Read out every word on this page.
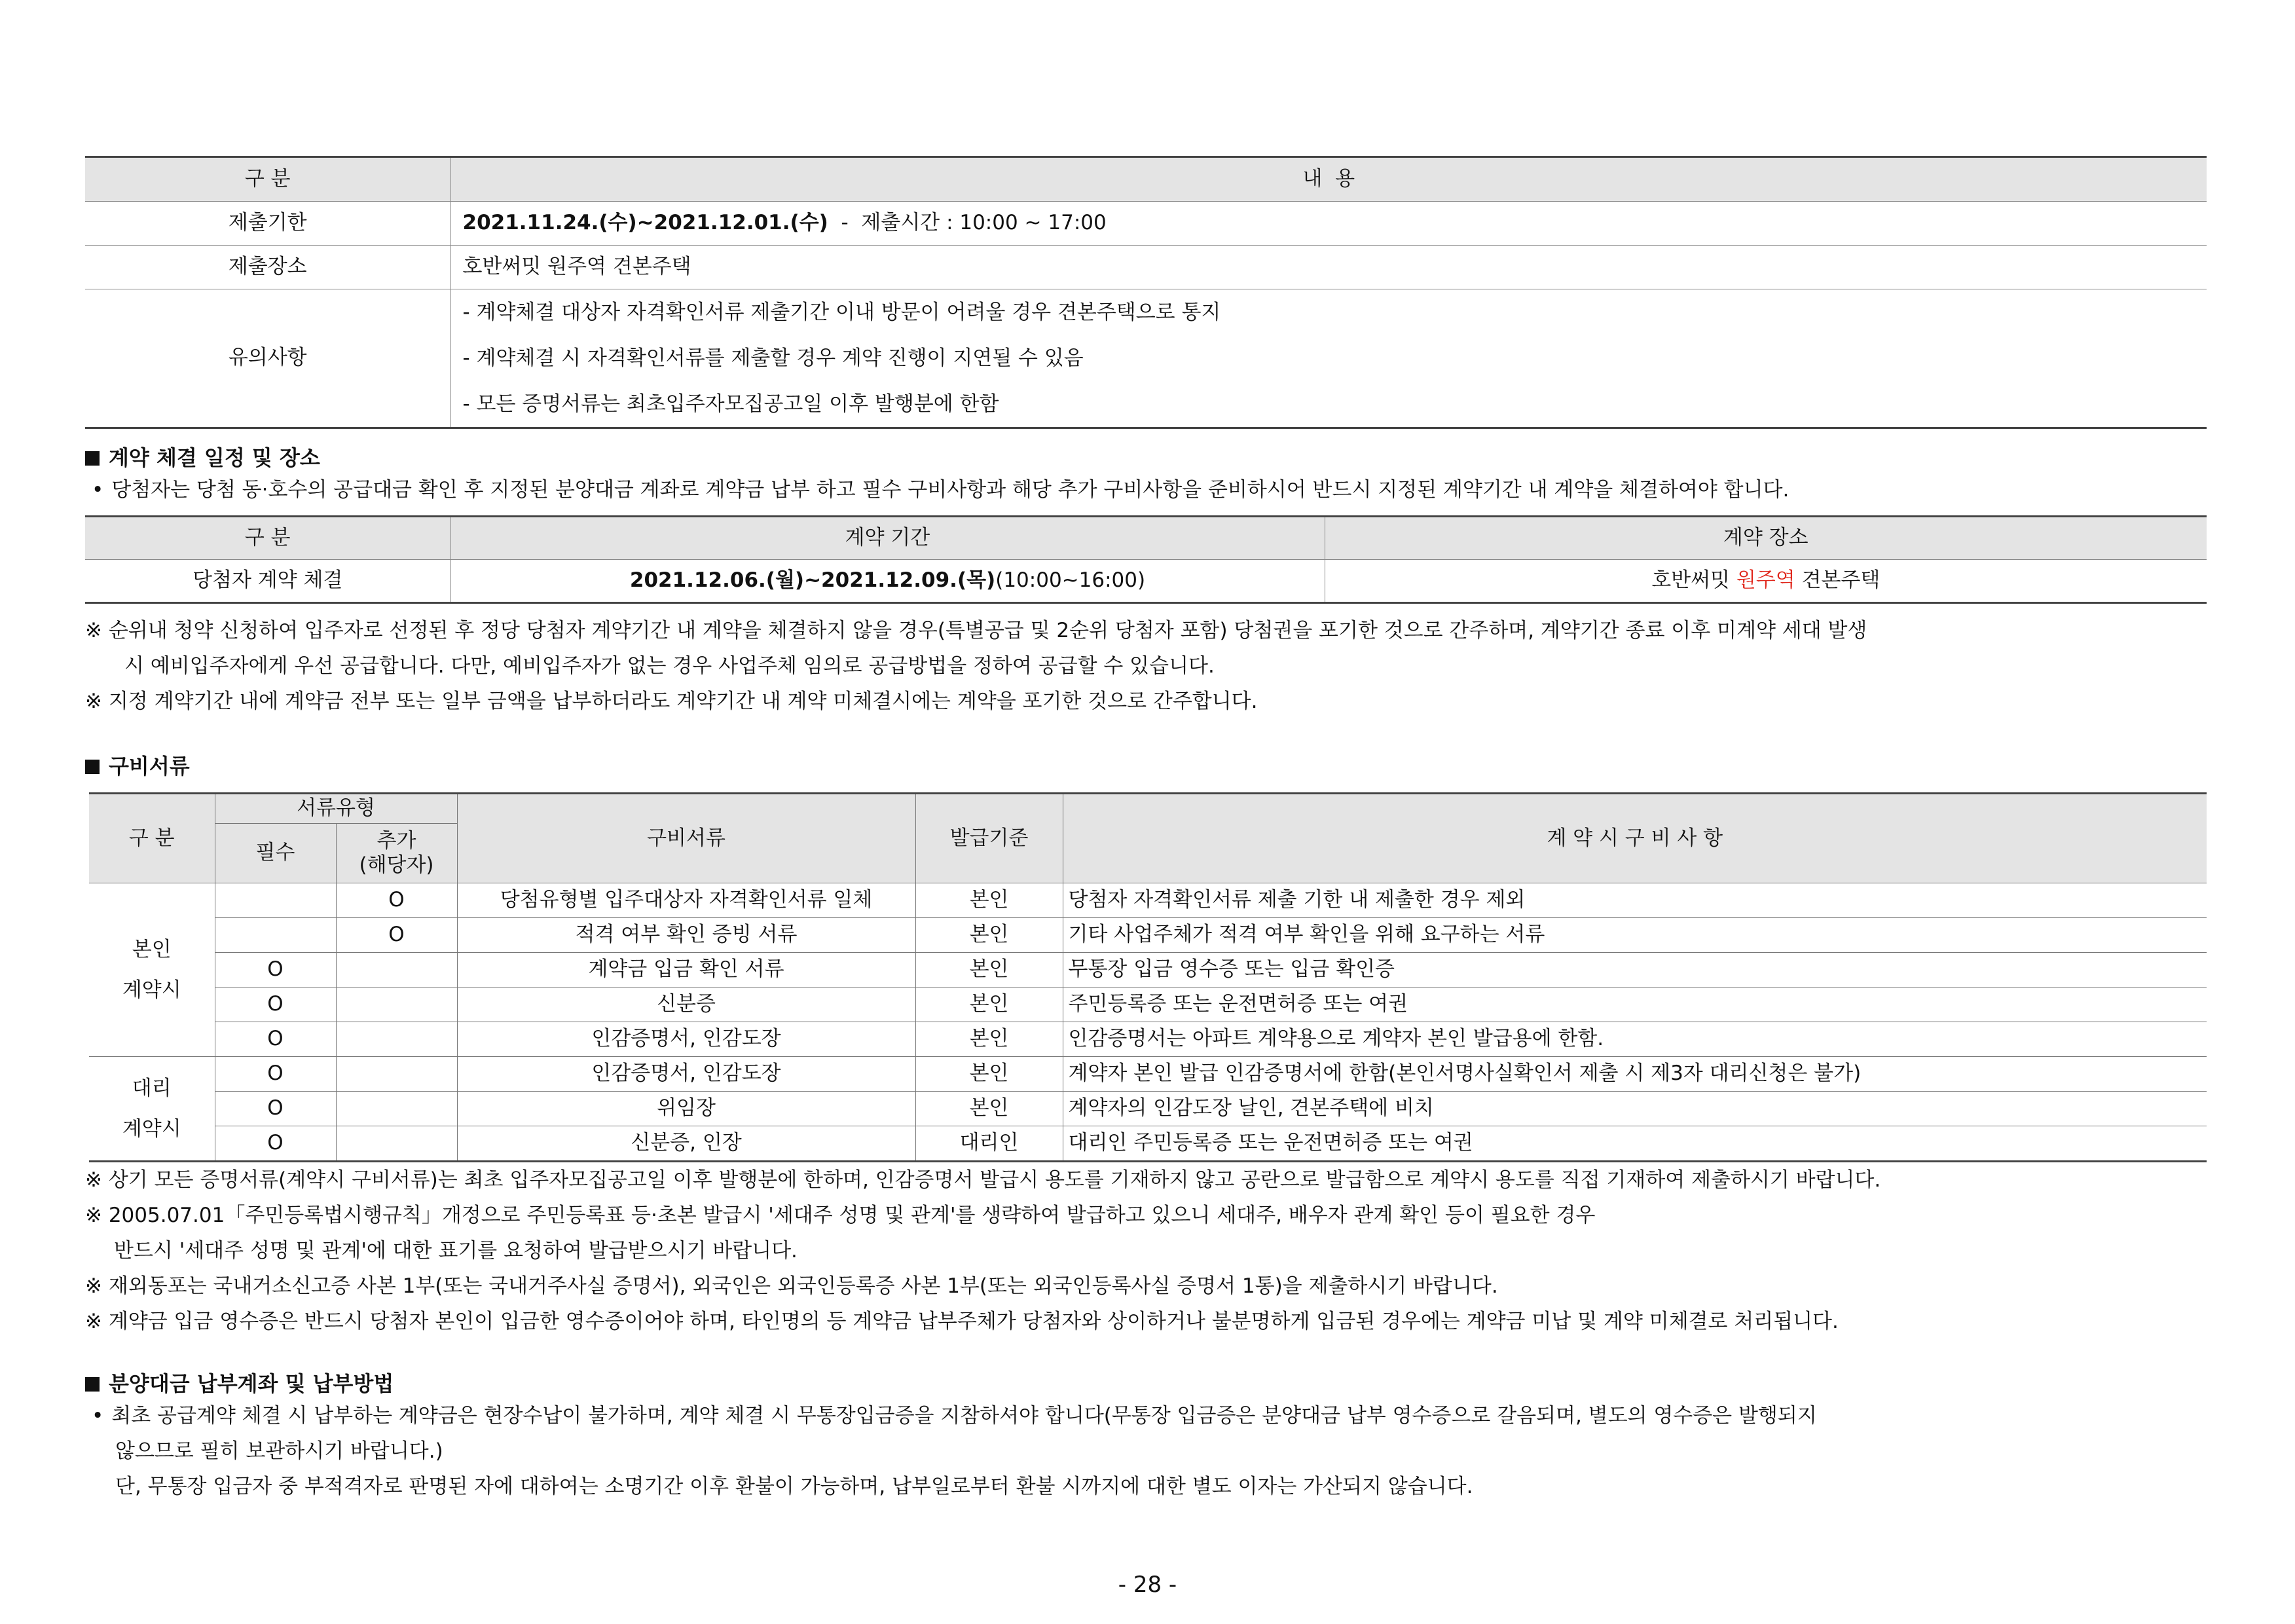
구 분	내  용
제출기한	2021.11.24.(수)~2021.12.01.(수)  -  제출시간 : 10:00 ~ 17:00
제출장소	호반써밋 원주역 견본주택
유의사항	- 계약체결 대상자 자격확인서류 제출기간 이내 방문이 어려울 경우 견본주택으로 통지
- 계약체결 시 자격확인서류를 제출할 경우 계약 진행이 지연될 수 있음
- 모든 증명서류는 최초입주자모집공고일 이후 발행분에 한함
계약 체결 일정 및 장소
• 당첨자는 당첨 동·호수의 공급대금 확인 후 지정된 분양대금 계좌로 계약금 납부 하고 필수 구비사항과 해당 추가 구비사항을 준비하시어 반드시 지정된 계약기간 내 계약을 체결하여야 합니다.
구 분	계약 기간	계약 장소
당첨자 계약 체결	2021.12.06.(월)~2021.12.09.(목)(10:00~16:00)	호반써밋 원주역 견본주택
※ 순위내 청약 신청하여 입주자로 선정된 후 정당 당첨자 계약기간 내 계약을 체결하지 않을 경우(특별공급 및 2순위 당첨자 포함) 당첨권을 포기한 것으로 간주하며, 계약기간 종료 이후 미계약 세대 발생
시 예비입주자에게 우선 공급합니다. 다만, 예비입주자가 없는 경우 사업주체 임의로 공급방법을 정하여 공급할 수 있습니다.
※ 지정 계약기간 내에 계약금 전부 또는 일부 금액을 납부하더라도 계약기간 내 계약 미체결시에는 계약을 포기한 것으로 간주합니다.
구비서류
구 분	서류유형		구비서류	발급기준	계 약 시 구 비 사 항
	필수	추가
(해당자)			

본인
계약시		O	당첨유형별 입주대상자 자격확인서류 일체	본인	당첨자 자격확인서류 제출 기한 내 제출한 경우 제외
		O	적격 여부 확인 증빙 서류	본인	기타 사업주체가 적격 여부 확인을 위해 요구하는 서류
	O		계약금 입금 확인 서류	본인	무통장 입금 영수증 또는 입금 확인증
	O		신분증	본인	주민등록증 또는 운전면허증 또는 여권
	O		인감증명서, 인감도장	본인	인감증명서는 아파트 계약용으로 계약자 본인 발급용에 한함.

대리
계약시	O		인감증명서, 인감도장	본인	계약자 본인 발급 인감증명서에 한함(본인서명사실확인서 제출 시 제3자 대리신청은 불가)
	O		위임장	본인	계약자의 인감도장 날인, 견본주택에 비치
	O		신분증, 인장	대리인	대리인 주민등록증 또는 운전면허증 또는 여권
※ 상기 모든 증명서류(계약시 구비서류)는 최초 입주자모집공고일 이후 발행분에 한하며, 인감증명서 발급시 용도를 기재하지 않고 공란으로 발급함으로 계약시 용도를 직접 기재하여 제출하시기 바랍니다.
※ 2005.07.01「주민등록법시행규칙」개정으로 주민등록표 등·초본 발급시 '세대주 성명 및 관계'를 생략하여 발급하고 있으니 세대주, 배우자 관계 확인 등이 필요한 경우
반드시 '세대주 성명 및 관계'에 대한 표기를 요청하여 발급받으시기 바랍니다.
※ 재외동포는 국내거소신고증 사본 1부(또는 국내거주사실 증명서), 외국인은 외국인등록증 사본 1부(또는 외국인등록사실 증명서 1통)을 제출하시기 바랍니다.
※ 계약금 입금 영수증은 반드시 당첨자 본인이 입금한 영수증이어야 하며, 타인명의 등 계약금 납부주체가 당첨자와 상이하거나 불분명하게 입금된 경우에는 계약금 미납 및 계약 미체결로 처리됩니다.
분양대금 납부계좌 및 납부방법
• 최초 공급계약 체결 시 납부하는 계약금은 현장수납이 불가하며, 계약 체결 시 무통장입금증을 지참하셔야 합니다(무통장 입금증은 분양대금 납부 영수증으로 갈음되며, 별도의 영수증은 발행되지
않으므로 필히 보관하시기 바랍니다.)
단, 무통장 입금자 중 부적격자로 판명된 자에 대하여는 소명기간 이후 환불이 가능하며, 납부일로부터 환불 시까지에 대한 별도 이자는 가산되지 않습니다.
- 28 -
